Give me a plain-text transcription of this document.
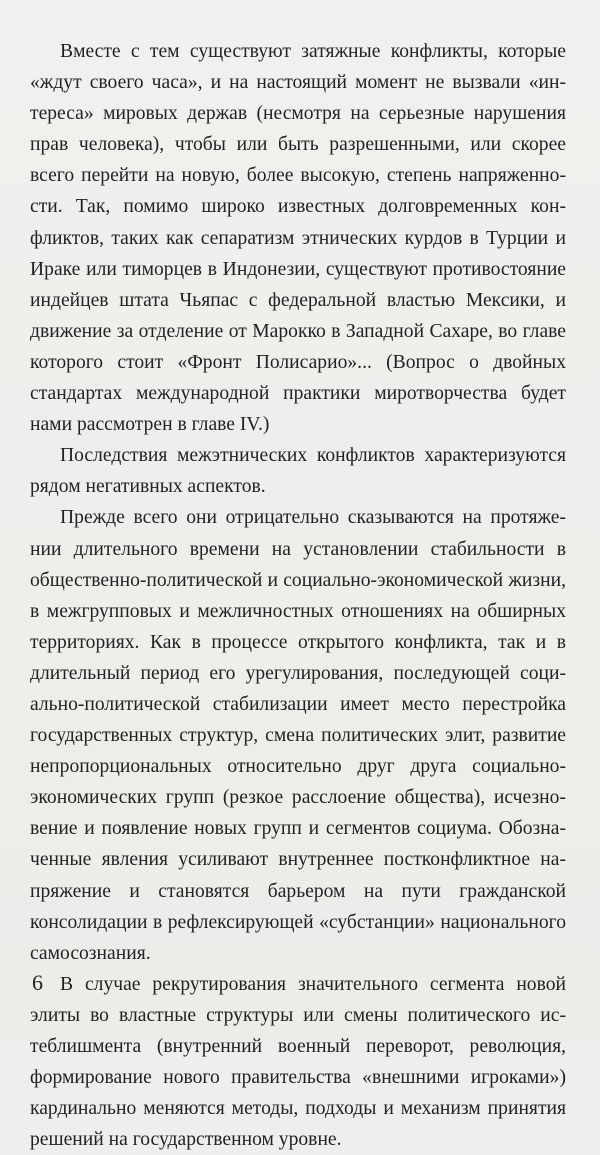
Вместе с тем существуют затяжные конфликты, которые «ждут своего часа», и на настоящий момент не вызвали «интереса» мировых держав (несмотря на серьезные нарушения прав человека), чтобы или быть разрешенными, или скорее всего перейти на новую, более высокую, степень напряженности. Так, помимо широко известных долговременных конфликтов, таких как сепаратизм этнических курдов в Турции и Ираке или тиморцев в Индонезии, существуют противостояние индейцев штата Чьяпас с федеральной властью Мексики, и движение за отделение от Марокко в Западной Сахаре, во главе которого стоит «Фронт Полисарио»... (Вопрос о двойных стандартах международной практики миротворчества будет нами рассмотрен в главе IV.)

Последствия межэтнических конфликтов характеризуются рядом негативных аспектов.

Прежде всего они отрицательно сказываются на протяжении длительного времени на установлении стабильности в общественно-политической и социально-экономической жизни, в межгрупповых и межличностных отношениях на обширных территориях. Как в процессе открытого конфликта, так и в длительный период его урегулирования, последующей социально-политической стабилизации имеет место перестройка государственных структур, смена политических элит, развитие непропорциональных относительно друг друга социально-экономических групп (резкое расслоение общества), исчезновение и появление новых групп и сегментов социума. Обозначенные явления усиливают внутреннее постконфликтное напряжение и становятся барьером на пути гражданской консолидации в рефлексирующей «субстанции» национального самосознания.

В случае рекрутирования значительного сегмента новой элиты во властные структуры или смены политического истеблишмента (внутренний военный переворот, революция, формирование нового правительства «внешними игроками») кардинально меняются методы, подходы и механизм принятия решений на государственном уровне.

6
